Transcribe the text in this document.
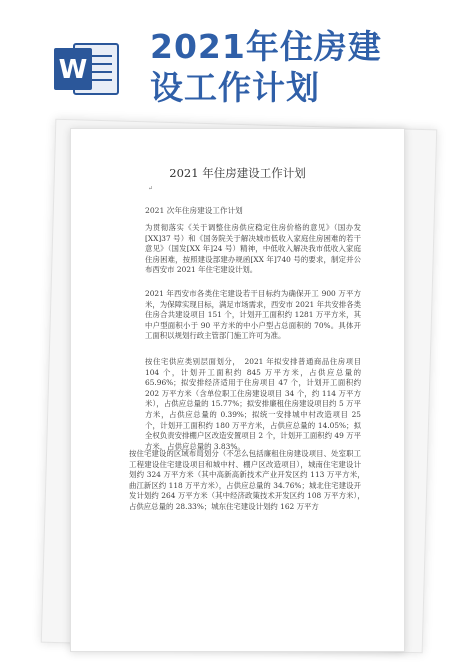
W
2021年住房建
设工作计划
2021 年住房建设工作计划
↵
2021 次年住房建设工作计划

为贯彻落实《关于调整住房供应稳定住房价格的意见》（国办发[XX]37 号）和《国务院关于解决城市低收入家庭住房困难的若干意见》（国发[XX 年]24 号）精神，中低收入解决我市低收入家庭住房困难，按照建设部建办规函[XX 年]740 号的要求，制定并公布西安市 2021 年住宅建设计划。

2021 年西安市各类住宅建设若干目标约为确保开工 900 万平方米，为保障实现目标，满足市场需求，西安市 2021 年共安排各类住房合共建设项目 151 个，计划开工面积约 1281 万平方米，其中户型面积小于 90 平方米的中小户型占总面积的 70%。具体开工面积以规划行政主管部门施工许可为准。

按住宅供应类别层面划分，　2021 年拟安排普通商品住房项目 104 个，计划开工面积约 845 万平方米，占供应总量的 65.96%；拟安排经济适用于住房项目 47 个，计划开工面积约 202 万平方米（含单位职工住房建设项目 34 个，约 114 万平方米），占供应总量的 15.77%；拟安排廉租住房建设项目约 5 万平方米，占供应总量的 0.39%；拟统一安排城中村改造项目 25 个，计划开工面积约 180 万平方米，占供应总量的 14.05%；拟全权负责安排棚户区改造安置项目 2 个，计划开工面积约 49 万平方米，占供应总量的 3.83%。

按住宅建设的区域布局划分（不怎么包括廉租住房建设项目、处室职工工程建设住宅建设项目和城中村、棚户区改造项目），城南住宅建设计划约 324 万平方米（其中高新高新技术产业开发区约 113 万平方米，　曲江新区约 118 万平方米），占供应总量的 34.76%；城北住宅建设开发计划约 264 万平方米（其中经济政策技术开发区约 108 万平方米），　占供应总量的 28.33%；城东住宅建设计划约 162 万平方
